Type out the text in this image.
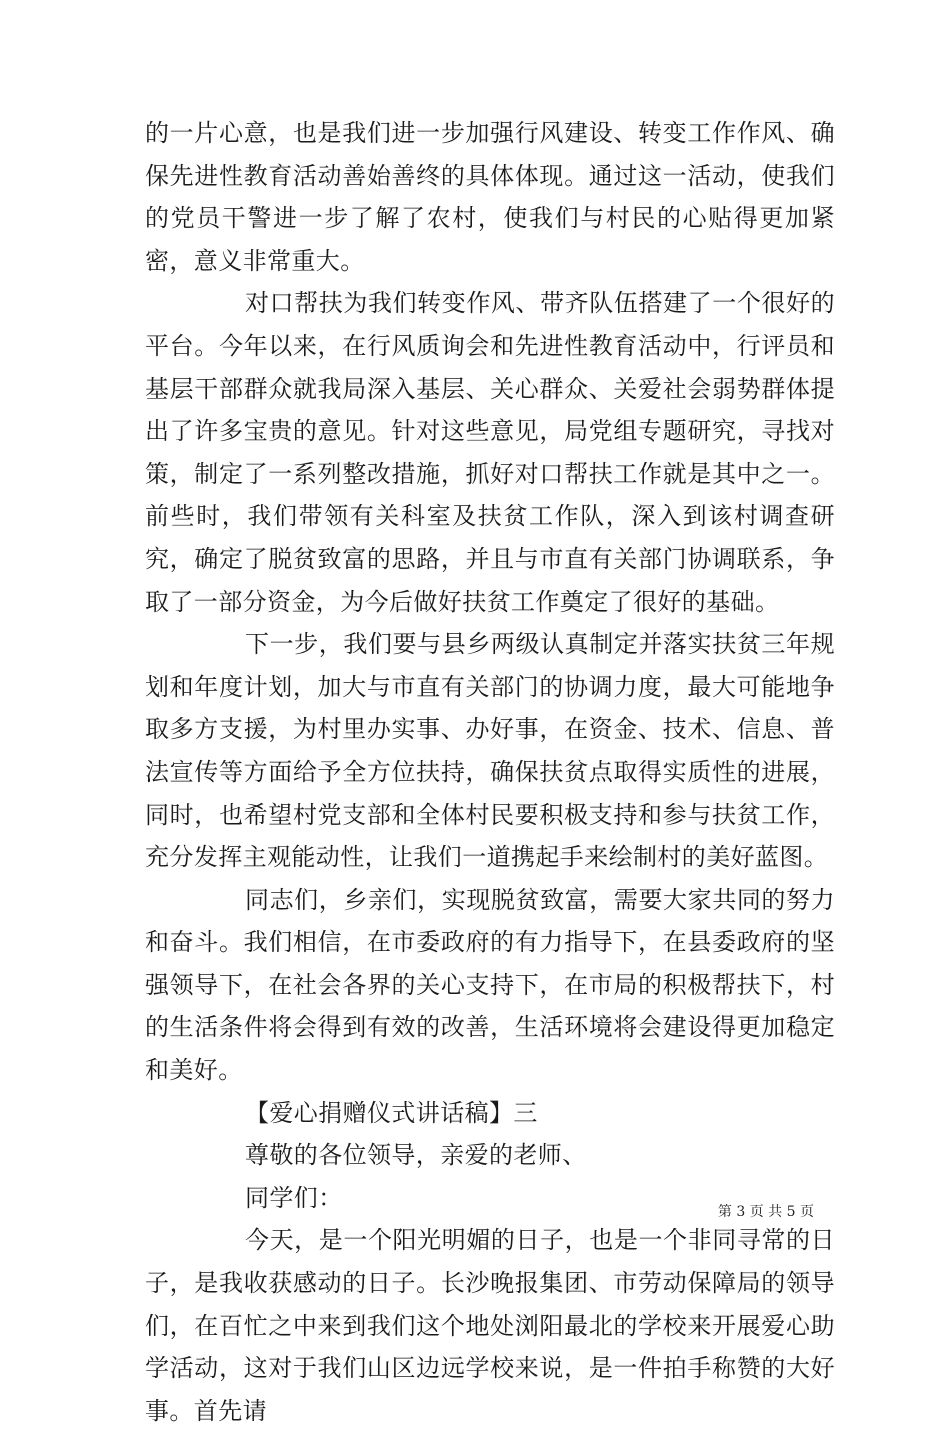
的一片心意，也是我们进一步加强行风建设、转变工作作风、确保先进性教育活动善始善终的具体体现。通过这一活动，使我们的党员干警进一步了解了农村，使我们与村民的心贴得更加紧密，意义非常重大。

对口帮扶为我们转变作风、带齐队伍搭建了一个很好的平台。今年以来，在行风质询会和先进性教育活动中，行评员和基层干部群众就我局深入基层、关心群众、关爱社会弱势群体提出了许多宝贵的意见。针对这些意见，局党组专题研究，寻找对策，制定了一系列整改措施，抓好对口帮扶工作就是其中之一。前些时，我们带领有关科室及扶贫工作队，深入到该村调查研究，确定了脱贫致富的思路，并且与市直有关部门协调联系，争取了一部分资金，为今后做好扶贫工作奠定了很好的基础。

下一步，我们要与县乡两级认真制定并落实扶贫三年规划和年度计划，加大与市直有关部门的协调力度，最大可能地争取多方支援，为村里办实事、办好事，在资金、技术、信息、普法宣传等方面给予全方位扶持，确保扶贫点取得实质性的进展，同时，也希望村党支部和全体村民要积极支持和参与扶贫工作，充分发挥主观能动性，让我们一道携起手来绘制村的美好蓝图。

同志们，乡亲们，实现脱贫致富，需要大家共同的努力和奋斗。我们相信，在市委政府的有力指导下，在县委政府的坚强领导下，在社会各界的关心支持下，在市局的积极帮扶下，村的生活条件将会得到有效的改善，生活环境将会建设得更加稳定和美好。

【爱心捐赠仪式讲话稿】三

尊敬的各位领导，亲爱的老师、

同学们：

今天，是一个阳光明媚的日子，也是一个非同寻常的日子，是我收获感动的日子。长沙晚报集团、市劳动保障局的领导们，在百忙之中来到我们这个地处浏阳最北的学校来开展爱心助学活动，这对于我们山区边远学校来说，是一件拍手称赞的大好事。首先请

第 3 页 共 5 页
